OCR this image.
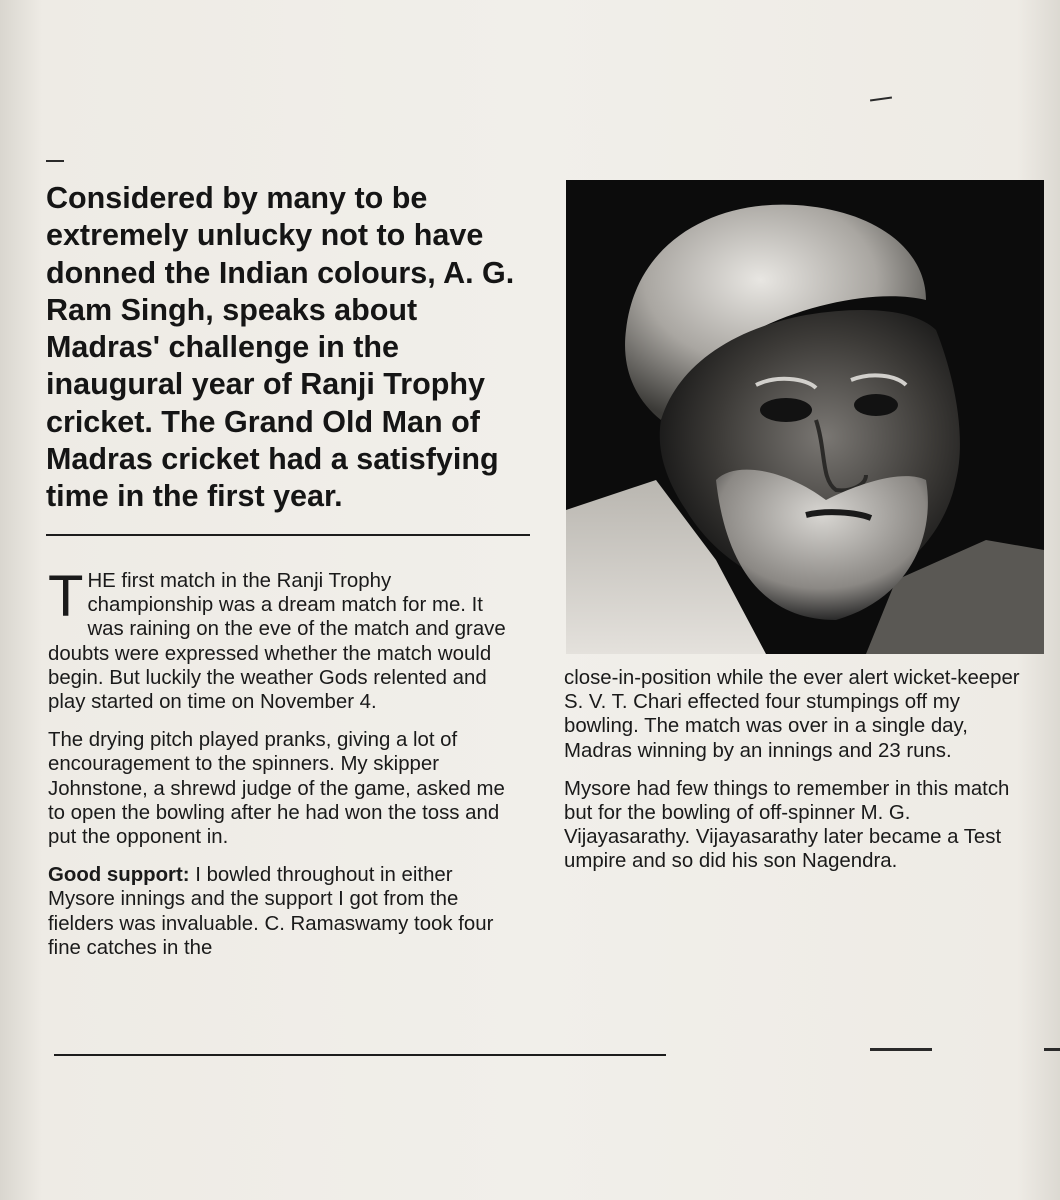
Considered by many to be extremely unlucky not to have donned the Indian colours, A. G. Ram Singh, speaks about Madras' challenge in the inaugural year of Ranji Trophy cricket. The Grand Old Man of Madras cricket had a satisfying time in the first year.

THE first match in the Ranji Trophy championship was a dream match for me. It was raining on the eve of the match and grave doubts were expressed whether the match would begin. But luckily the weather Gods relented and play started on time on November 4.

The drying pitch played pranks, giving a lot of encouragement to the spinners. My skipper Johnstone, a shrewd judge of the game, asked me to open the bowling after he had won the toss and put the opponent in.

Good support: I bowled throughout in either Mysore innings and the support I got from the fielders was invaluable. C. Ramaswamy took four fine catches in the

close-in-position while the ever alert wicket-keeper S. V. T. Chari effected four stumpings off my bowling. The match was over in a single day, Madras winning by an innings and 23 runs.

Mysore had few things to remember in this match but for the bowling of off-spinner M. G. Vijayasarathy. Vijayasarathy later became a Test umpire and so did his son Nagendra.
